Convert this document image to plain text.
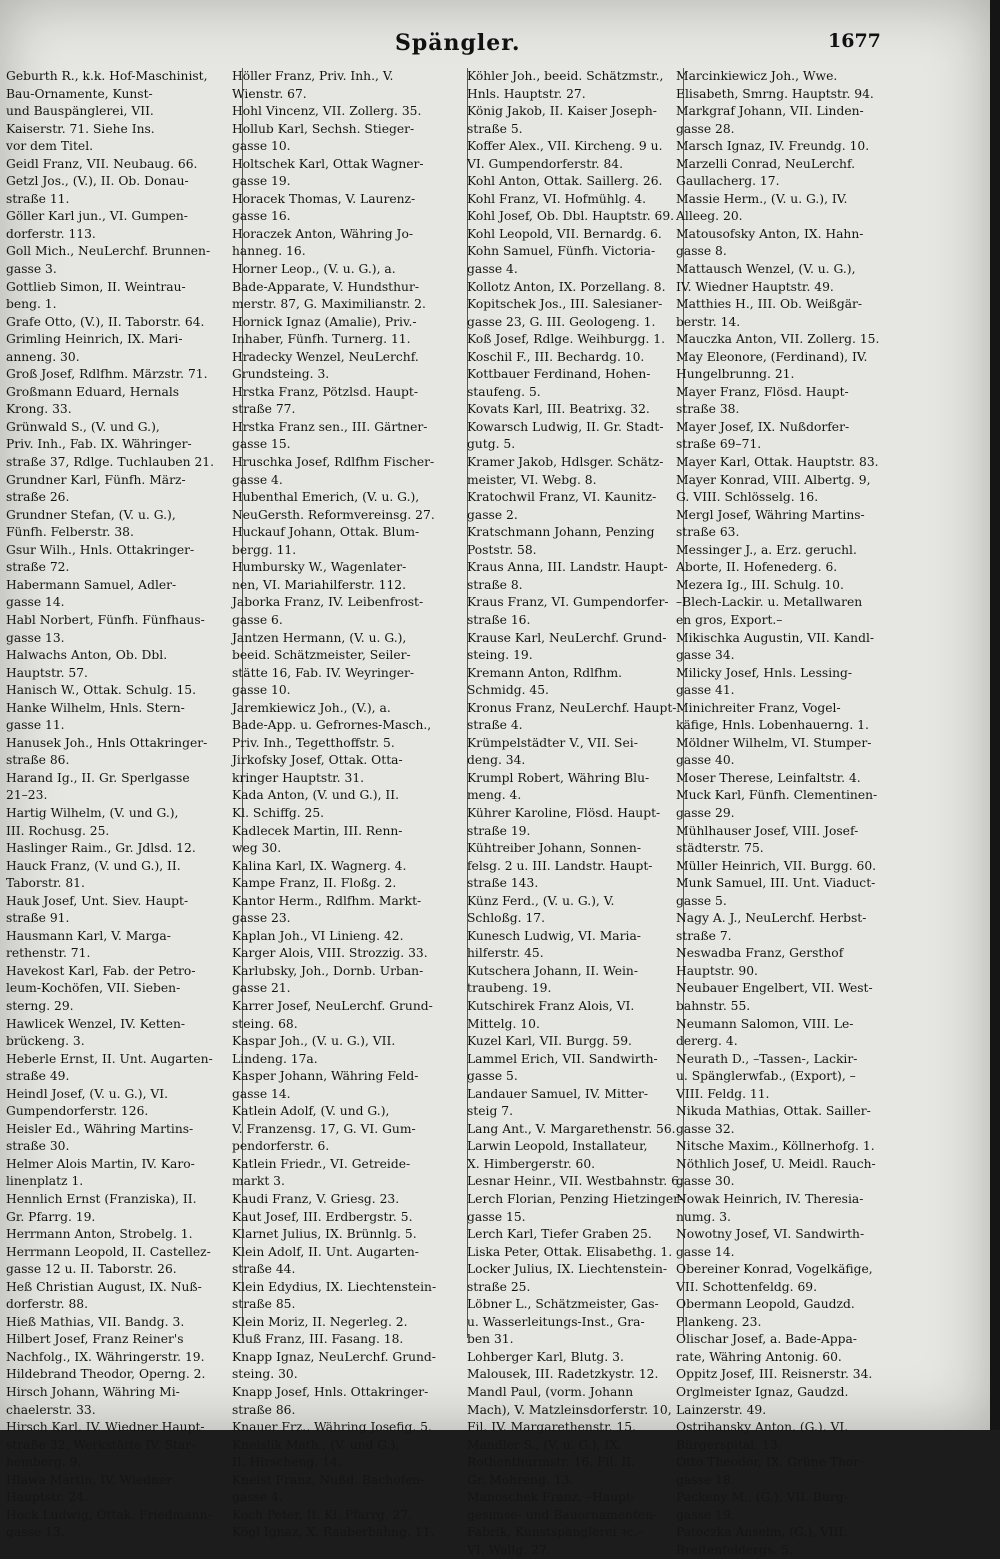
Spängler.	1677
Geburth R., k.k. Hof-Maschinist,
Bau-Ornamente, Kunst-
und Bauspänglerei, VII.
Kaiserstr. 71. Siehe Ins.
vor dem Titel.
Geidl Franz, VII. Neubaug. 66.
Getzl Jos., (V.), II. Ob. Donau-
straße 11.
Göller Karl jun., VI. Gumpen-
dorferstr. 113.
Goll Mich., NeuLerchf. Brunnen-
gasse 3.
Gottlieb Simon, II. Weintrau-
beng. 1.
Grafe Otto, (V.), II. Taborstr. 64.
Grimling Heinrich, IX. Mari-
anneng. 30.
Groß Josef, Rdlfhm. Märzstr. 71.
Großmann Eduard, Hernals
Krong. 33.
Grünwald S., (V. und G.),
Priv. Inh., Fab. IX. Währinger-
straße 37, Rdlge. Tuchlauben 21.
Grundner Karl, Fünfh. März-
straße 26.
Grundner Stefan, (V. u. G.),
Fünfh. Felberstr. 38.
Gsur Wilh., Hnls. Ottakringer-
straße 72.
Habermann Samuel, Adler-
gasse 14.
Habl Norbert, Fünfh. Fünfhaus-
gasse 13.
Halwachs Anton, Ob. Dbl.
Hauptstr. 57.
Hanisch W., Ottak. Schulg. 15.
Hanke Wilhelm, Hnls. Stern-
gasse 11.
Hanusek Joh., Hnls Ottakringer-
straße 86.
Harand Ig., II. Gr. Sperlgasse
21–23.
Hartig Wilhelm, (V. und G.),
III. Rochusg. 25.
Haslinger Raim., Gr. Jdlsd. 12.
Hauck Franz, (V. und G.), II.
Taborstr. 81.
Hauk Josef, Unt. Siev. Haupt-
straße 91.
Hausmann Karl, V. Marga-
rethenstr. 71.
Havekost Karl, Fab. der Petro-
leum-Kochöfen, VII. Sieben-
sterng. 29.
Hawlicek Wenzel, IV. Ketten-
brückeng. 3.
Heberle Ernst, II. Unt. Augarten-
straße 49.
Heindl Josef, (V. u. G.), VI.
Gumpendorferstr. 126.
Heisler Ed., Währing Martins-
straße 30.
Helmer Alois Martin, IV. Karo-
linenplatz 1.
Hennlich Ernst (Franziska), II.
Gr. Pfarrg. 19.
Herrmann Anton, Strobelg. 1.
Herrmann Leopold, II. Castellez-
gasse 12 u. II. Taborstr. 26.
Heß Christian August, IX. Nuß-
dorferstr. 88.
Hieß Mathias, VII. Bandg. 3.
Hilbert Josef, Franz Reiner's
Nachfolg., IX. Währingerstr. 19.
Hildebrand Theodor, Operng. 2.
Hirsch Johann, Währing Mi-
chaelerstr. 33.
Hirsch Karl, IV. Wiedner Haupt-
straße 32, Werkstätte IV. Star-
hemberg. 9.
Hlawa Martin, IV. Wiedner
Hauptstr. 24.
Hock Ludwig, Ottak. Friedmann-
gasse 13.
Höller Franz, Priv. Inh., V.
Wienstr. 67.
Hohl Vincenz, VII. Zollerg. 35.
Hollub Karl, Sechsh. Stieger-
gasse 10.
Holtschek Karl, Ottak Wagner-
gasse 19.
Horacek Thomas, V. Laurenz-
gasse 16.
Horaczek Anton, Währing Jo-
hanneg. 16.
Horner Leop., (V. u. G.), a.
Bade-Apparate, V. Hundsthur-
merstr. 87, G. Maximilianstr. 2.
Hornick Ignaz (Amalie), Priv.-
Inhaber, Fünfh. Turnerg. 11.
Hradecky Wenzel, NeuLerchf.
Grundsteing. 3.
Hrstka Franz, Pötzlsd. Haupt-
straße 77.
Hrstka Franz sen., III. Gärtner-
gasse 15.
Hruschka Josef, Rdlfhm Fischer-
gasse 4.
Hubenthal Emerich, (V. u. G.),
NeuGersth. Reformvereinsg. 27.
Huckauf Johann, Ottak. Blum-
bergg. 11.
Humbursky W., Wagenlater-
nen, VI. Mariahilferstr. 112.
Jaborka Franz, IV. Leibenfrost-
gasse 6.
Jantzen Hermann, (V. u. G.),
beeid. Schätzmeister, Seiler-
stätte 16, Fab. IV. Weyringer-
gasse 10.
Jaremkiewicz Joh., (V.), a.
Bade-App. u. Gefrornes-Masch.,
Priv. Inh., Tegetthoffstr. 5.
Jirkofsky Josef, Ottak. Otta-
kringer Hauptstr. 31.
Kada Anton, (V. und G.), II.
Kl. Schiffg. 25.
Kadlecek Martin, III. Renn-
weg 30.
Kalina Karl, IX. Wagnerg. 4.
Kampe Franz, II. Floßg. 2.
Kantor Herm., Rdlfhm. Markt-
gasse 23.
Kaplan Joh., VI Linieng. 42.
Karger Alois, VIII. Strozzig. 33.
Karlubsky, Joh., Dornb. Urban-
gasse 21.
Karrer Josef, NeuLerchf. Grund-
steing. 68.
Kaspar Joh., (V. u. G.), VII.
Lindeng. 17a.
Kasper Johann, Währing Feld-
gasse 14.
Katlein Adolf, (V. und G.),
V. Franzensg. 17, G. VI. Gum-
pendorferstr. 6.
Katlein Friedr., VI. Getreide-
markt 3.
Kaudi Franz, V. Griesg. 23.
Kaut Josef, III. Erdbergstr. 5.
Klarnet Julius, IX. Brünnlg. 5.
Klein Adolf, II. Unt. Augarten-
straße 44.
Klein Edydius, IX. Liechtenstein-
straße 85.
Klein Moriz, II. Negerleg. 2.
Kluß Franz, III. Fasang. 18.
Knapp Ignaz, NeuLerchf. Grund-
steing. 30.
Knapp Josef, Hnls. Ottakringer-
straße 86.
Knauer Frz., Währing Josefig. 5.
Kneislik Math., (V. und G.),
II. Hirscheng. 14.
Kneist Franz, Nußd. Bachofen-
gasse 4.
Koch Peter, II. Kl. Pfarrg. 27.
Kögl Ignaz, X. Raaberbahng. 11.
Köhler Joh., beeid. Schätzmstr.,
Hnls. Hauptstr. 27.
König Jakob, II. Kaiser Joseph-
straße 5.
Koffer Alex., VII. Kircheng. 9 u.
VI. Gumpendorferstr. 84.
Kohl Anton, Ottak. Saillerg. 26.
Kohl Franz, VI. Hofmühlg. 4.
Kohl Josef, Ob. Dbl. Hauptstr. 69.
Kohl Leopold, VII. Bernardg. 6.
Kohn Samuel, Fünfh. Victoria-
gasse 4.
Kollotz Anton, IX. Porzellang. 8.
Kopitschek Jos., III. Salesianer-
gasse 23, G. III. Geologeng. 1.
Koß Josef, Rdlge. Weihburgg. 1.
Koschil F., III. Bechardg. 10.
Kottbauer Ferdinand, Hohen-
staufeng. 5.
Kovats Karl, III. Beatrixg. 32.
Kowarsch Ludwig, II. Gr. Stadt-
gutg. 5.
Kramer Jakob, Hdlsger. Schätz-
meister, VI. Webg. 8.
Kratochwil Franz, VI. Kaunitz-
gasse 2.
Kratschmann Johann, Penzing
Poststr. 58.
Kraus Anna, III. Landstr. Haupt-
straße 8.
Kraus Franz, VI. Gumpendorfer-
straße 16.
Krause Karl, NeuLerchf. Grund-
steing. 19.
Kremann Anton, Rdlfhm.
Schmidg. 45.
Kronus Franz, NeuLerchf. Haupt-
straße 4.
Krümpelstädter V., VII. Sei-
deng. 34.
Krumpl Robert, Währing Blu-
meng. 4.
Kührer Karoline, Flösd. Haupt-
straße 19.
Kühtreiber Johann, Sonnen-
felsg. 2 u. III. Landstr. Haupt-
straße 143.
Künz Ferd., (V. u. G.), V.
Schloßg. 17.
Kunesch Ludwig, VI. Maria-
hilferstr. 45.
Kutschera Johann, II. Wein-
traubeng. 19.
Kutschirek Franz Alois, VI.
Mittelg. 10.
Kuzel Karl, VII. Burgg. 59.
Lammel Erich, VII. Sandwirth-
gasse 5.
Landauer Samuel, IV. Mitter-
steig 7.
Lang Ant., V. Margarethenstr. 56.
Larwin Leopold, Installateur,
X. Himbergerstr. 60.
Lesnar Heinr., VII. Westbahnstr. 6.
Lerch Florian, Penzing Hietzinger-
gasse 15.
Lerch Karl, Tiefer Graben 25.
Liska Peter, Ottak. Elisabethg. 1.
Locker Julius, IX. Liechtenstein-
straße 25.
Löbner L., Schätzmeister, Gas-
u. Wasserleitungs-Inst., Gra-
ben 31.
Lohberger Karl, Blutg. 3.
Malousek, III. Radetzkystr. 12.
Mandl Paul, (vorm. Johann
Mach), V. Matzleinsdorferstr. 10,
Fil. IV. Margarethenstr. 15.
Mandler S., (V. u. G.), IX.
Rothenthurmstr. 16, Fil. II.
Gr. Mohreng. 13.
Manoschek Franz, –Haupt-
gesimse- und Bauornamenten-
Fabrik, Kunstspänglerei ꝛc.–
VI. Wallg. 27.
Marcinkiewicz Joh., Wwe.
Elisabeth, Smrng. Hauptstr. 94.
Markgraf Johann, VII. Linden-
gasse 28.
Marsch Ignaz, IV. Freundg. 10.
Marzelli Conrad, NeuLerchf.
Gaullacherg. 17.
Massie Herm., (V. u. G.), IV.
Alleeg. 20.
Matousofsky Anton, IX. Hahn-
gasse 8.
Mattausch Wenzel, (V. u. G.),
IV. Wiedner Hauptstr. 49.
Matthies H., III. Ob. Weißgär-
berstr. 14.
Mauczka Anton, VII. Zollerg. 15.
May Eleonore, (Ferdinand), IV.
Hungelbrunng. 21.
Mayer Franz, Flösd. Haupt-
straße 38.
Mayer Josef, IX. Nußdorfer-
straße 69–71.
Mayer Karl, Ottak. Hauptstr. 83.
Mayer Konrad, VIII. Albertg. 9,
G. VIII. Schlösselg. 16.
Mergl Josef, Währing Martins-
straße 63.
Messinger J., a. Erz. geruchl.
Aborte, II. Hofenederg. 6.
Mezera Ig., III. Schulg. 10.
–Blech-Lackir. u. Metallwaren
en gros, Export.–
Mikischka Augustin, VII. Kandl-
gasse 34.
Milicky Josef, Hnls. Lessing-
gasse 41.
Minichreiter Franz, Vogel-
käfige, Hnls. Lobenhauerng. 1.
Möldner Wilhelm, VI. Stumper-
gasse 40.
Moser Therese, Leinfaltstr. 4.
Muck Karl, Fünfh. Clementinen-
gasse 29.
Mühlhauser Josef, VIII. Josef-
städterstr. 75.
Müller Heinrich, VII. Burgg. 60.
Munk Samuel, III. Unt. Viaduct-
gasse 5.
Nagy A. J., NeuLerchf. Herbst-
straße 7.
Neswadba Franz, Gersthof
Hauptstr. 90.
Neubauer Engelbert, VII. West-
bahnstr. 55.
Neumann Salomon, VIII. Le-
dererg. 4.
Neurath D., –Tassen-, Lackir-
u. Spänglerwfab., (Export), –
VIII. Feldg. 11.
Nikuda Mathias, Ottak. Sailler-
gasse 32.
Nitsche Maxim., Köllnerhofg. 1.
Nöthlich Josef, U. Meidl. Rauch-
gasse 30.
Nowak Heinrich, IV. Theresia-
numg. 3.
Nowotny Josef, VI. Sandwirth-
gasse 14.
Obereiner Konrad, Vogelkäfige,
VII. Schottenfeldg. 69.
Obermann Leopold, Gaudzd.
Plankeng. 23.
Olischar Josef, a. Bade-Appa-
rate, Währing Antonig. 60.
Oppitz Josef, III. Reisnerstr. 34.
Orglmeister Ignaz, Gaudzd.
Lainzerstr. 49.
Ostrihansky Anton, (G.), VI.
Bürgerspital. 13.
Otto Theodor, IX. Grüne Thor-
gasse 18.
Packeny M., (G.), VII. Burg-
gasse 19.
Patoczka Anselm, (G.), VIII.
Breitenfeldergs. 5.
